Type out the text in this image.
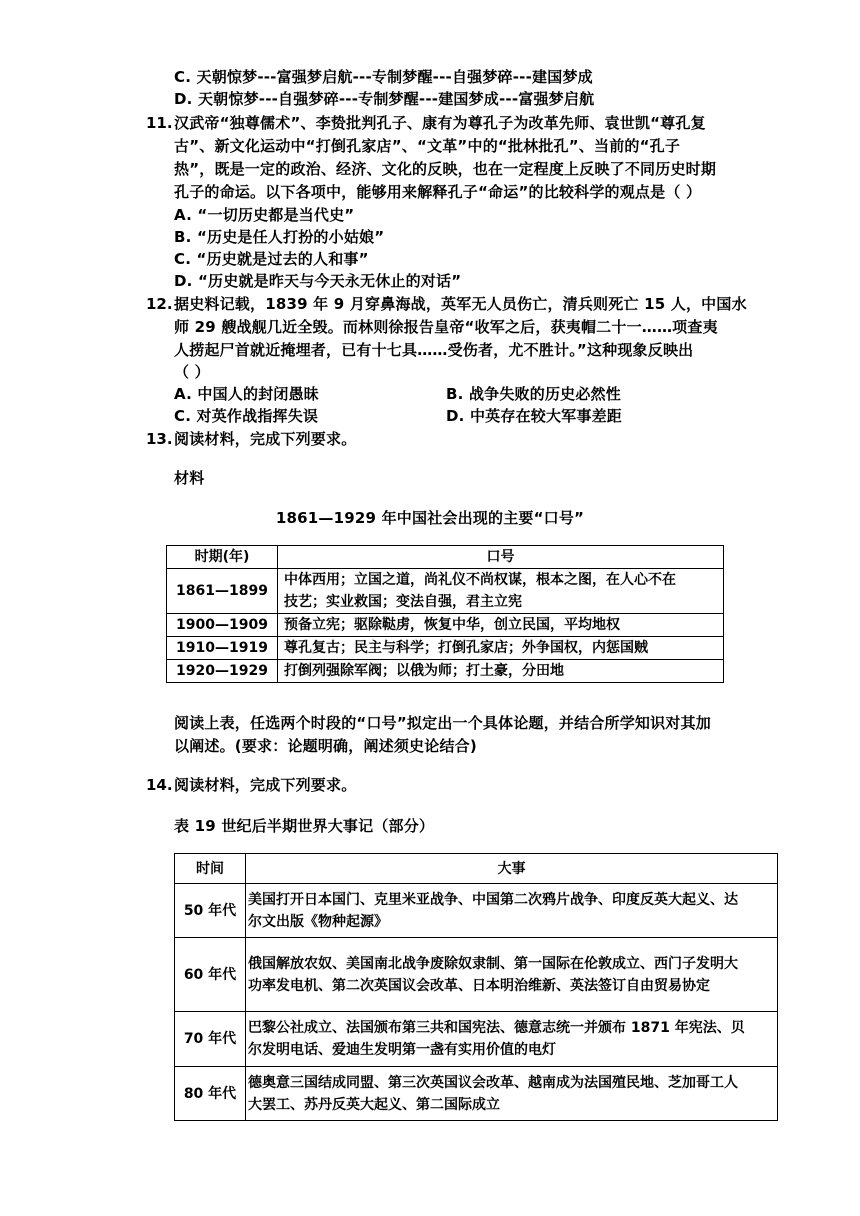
C. 天朝惊梦---富强梦启航---专制梦醒---自强梦碎---建国梦成
D. 天朝惊梦---自强梦碎---专制梦醒---建国梦成---富强梦启航
11. 汉武帝“独尊儒术”、李贽批判孔子、康有为尊孔子为改革先师、袁世凯“尊孔复
古”、新文化运动中“打倒孔家店”、“文革”中的“批林批孔”、当前的“孔子
热”，既是一定的政治、经济、文化的反映，也在一定程度上反映了不同历史时期
孔子的命运。以下各项中，能够用来解释孔子“命运”的比较科学的观点是（ ）
A. “一切历史都是当代史”
B. “历史是任人打扮的小姑娘”
C. “历史就是过去的人和事”
D. “历史就是昨天与今天永无休止的对话”
12. 据史料记载，1839 年 9 月穿鼻海战，英军无人员伤亡，清兵则死亡 15 人，中国水
师 29 艘战舰几近全毁。而林则徐报告皇帝“收军之后，获夷帽二十一……项查夷
人捞起尸首就近掩埋者，已有十七具……受伤者，尤不胜计。”这种现象反映出
（ ）
A. 中国人的封闭愚昧	B. 战争失败的历史必然性
C. 对英作战指挥失误	D. 中英存在较大军事差距
13. 阅读材料，完成下列要求。
材料
1861—1929 年中国社会出现的主要“口号”
时期(年)	口号
1861—1899	中体西用；立国之道，尚礼仪不尚权谋，根本之图，在人心不在
技艺；实业救国；变法自强，君主立宪

1900—1909	预备立宪；驱除鞑虏，恢复中华，创立民国，平均地权

1910—1919	尊孔复古；民主与科学；打倒孔家店；外争国权，内惩国贼

1920—1929	打倒列强除军阀；以俄为师；打土豪，分田地
阅读上表，任选两个时段的“口号”拟定出一个具体论题，并结合所学知识对其加
以阐述。(要求：论题明确，阐述须史论结合)
14. 阅读材料，完成下列要求。
表 19 世纪后半期世界大事记（部分）
时间	大事
50 年代	美国打开日本国门、克里米亚战争、中国第二次鸦片战争、印度反英大起义、达
尔文出版《物种起源》

60 年代	俄国解放农奴、美国南北战争废除奴隶制、第一国际在伦敦成立、西门子发明大
功率发电机、第二次英国议会改革、日本明治维新、英法签订自由贸易协定

70 年代	巴黎公社成立、法国颁布第三共和国宪法、德意志统一并颁布 1871 年宪法、贝
尔发明电话、爱迪生发明第一盏有实用价值的电灯

80 年代	德奥意三国结成同盟、第三次英国议会改革、越南成为法国殖民地、芝加哥工人
大罢工、苏丹反英大起义、第二国际成立
